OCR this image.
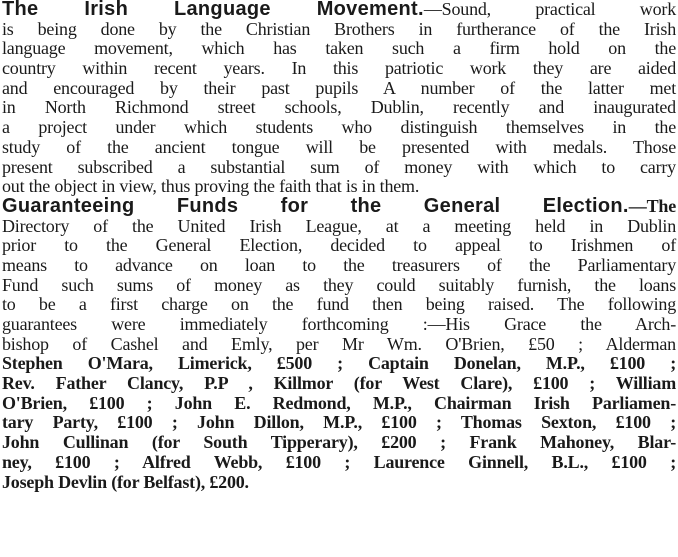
The Irish Language Movement.—Sound, practical work
is being done by the Christian Brothers in furtherance of the Irish
language movement, which has taken such a firm hold on the
country within recent years. In this patriotic work they are aided
and encouraged by their past pupils A number of the latter met
in North Richmond street schools, Dublin, recently and inaugurated
a project under which students who distinguish themselves in the
study of the ancient tongue will be presented with medals. Those
present subscribed a substantial sum of money with which to carry
out the object in view, thus proving the faith that is in them.
Guaranteeing Funds for the General Election.—The
Directory of the United Irish League, at a meeting held in Dublin
prior to the General Election, decided to appeal to Irishmen of
means to advance on loan to the treasurers of the Parliamentary
Fund such sums of money as they could suitably furnish, the loans
to be a first charge on the fund then being raised. The following
guarantees were immediately forthcoming :—His Grace the Arch-
bishop of Cashel and Emly, per Mr Wm. O'Brien, £50 ; Alderman
Stephen O'Mara, Limerick, £500 ; Captain Donelan, M.P., £100 ;
Rev. Father Clancy, P.P , Killmor (for West Clare), £100 ; William
O'Brien, £100 ; John E. Redmond, M.P., Chairman Irish Parliamen-
tary Party, £100 ; John Dillon, M.P., £100 ; Thomas Sexton, £100 ;
John Cullinan (for South Tipperary), £200 ; Frank Mahoney, Blar-
ney, £100 ; Alfred Webb, £100 ; Laurence Ginnell, B.L., £100 ;
Joseph Devlin (for Belfast), £200.
